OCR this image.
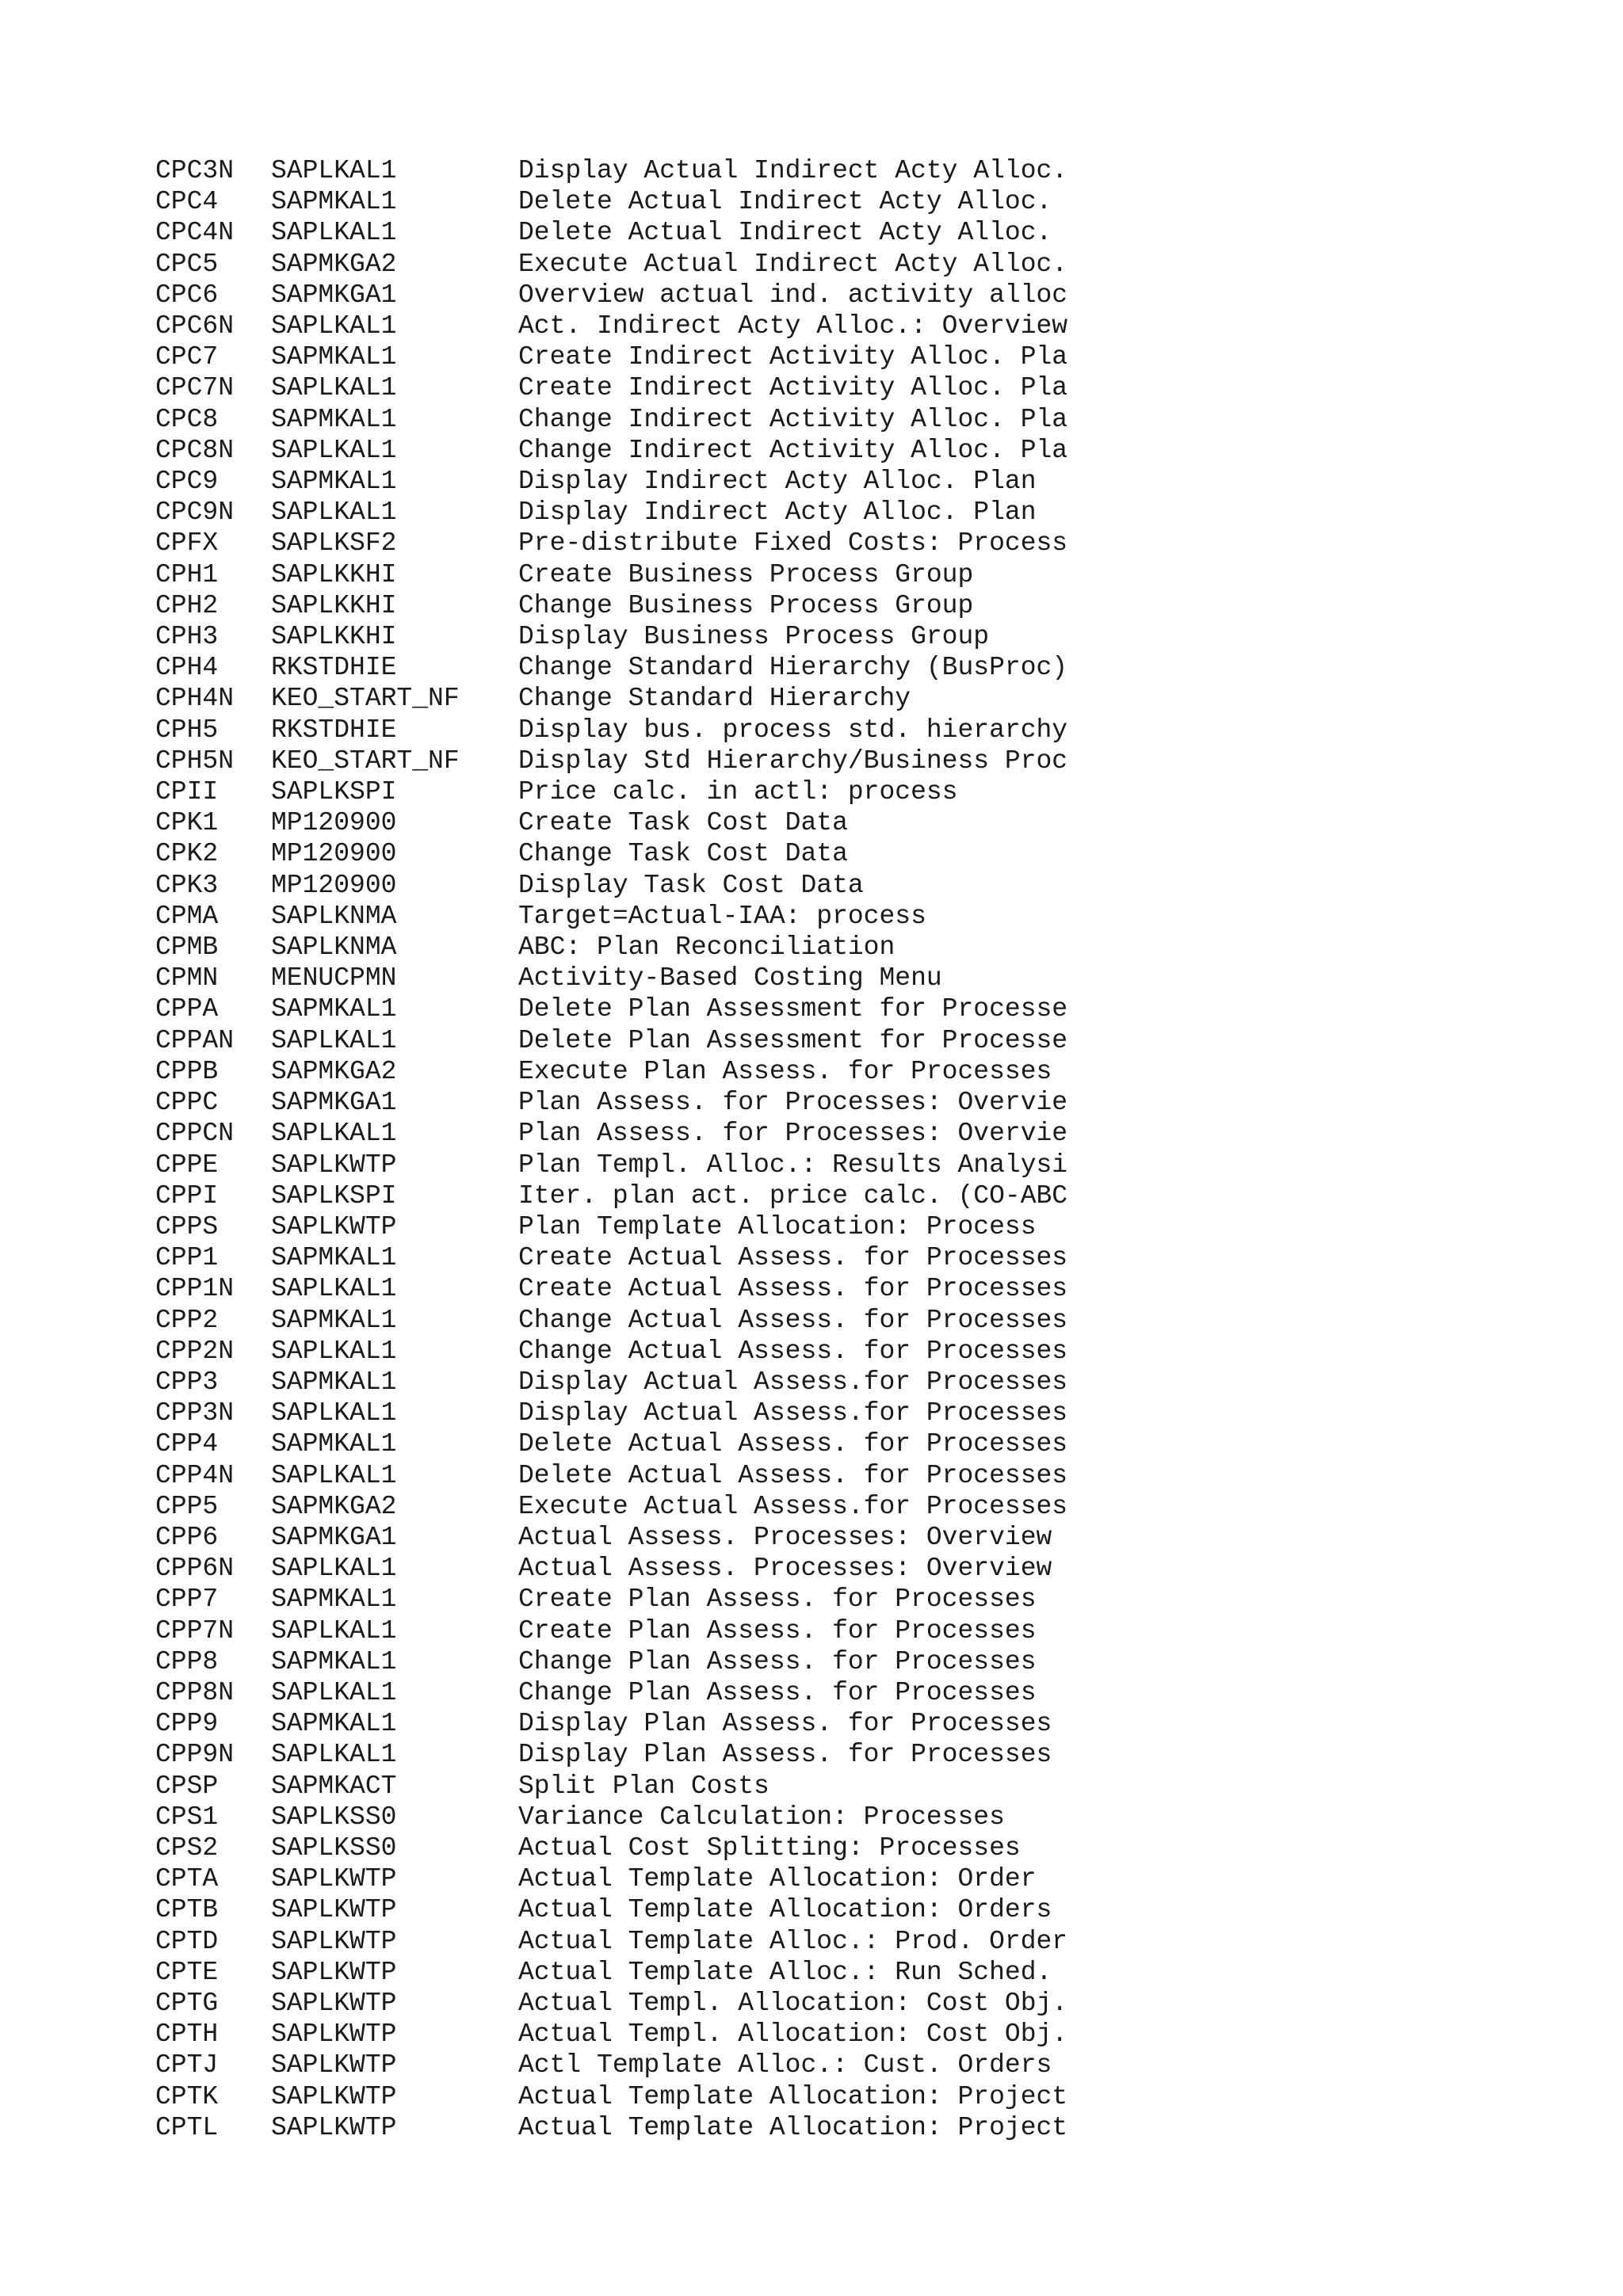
CPC3N	SAPLKAL1	Display Actual Indirect Acty Alloc.
CPC4	SAPMKAL1	Delete Actual Indirect Acty Alloc.
CPC4N	SAPLKAL1	Delete Actual Indirect Acty Alloc.
CPC5	SAPMKGA2	Execute Actual Indirect Acty Alloc.
CPC6	SAPMKGA1	Overview actual ind. activity alloc
CPC6N	SAPLKAL1	Act. Indirect Acty Alloc.: Overview
CPC7	SAPMKAL1	Create Indirect Activity Alloc. Pla
CPC7N	SAPLKAL1	Create Indirect Activity Alloc. Pla
CPC8	SAPMKAL1	Change Indirect Activity Alloc. Pla
CPC8N	SAPLKAL1	Change Indirect Activity Alloc. Pla
CPC9	SAPMKAL1	Display Indirect Acty Alloc. Plan
CPC9N	SAPLKAL1	Display Indirect Acty Alloc. Plan
CPFX	SAPLKSF2	Pre-distribute Fixed Costs: Process
CPH1	SAPLKKHI	Create Business Process Group
CPH2	SAPLKKHI	Change Business Process Group
CPH3	SAPLKKHI	Display Business Process Group
CPH4	RKSTDHIE	Change Standard Hierarchy (BusProc)
CPH4N	KEO_START_NF	Change Standard Hierarchy
CPH5	RKSTDHIE	Display bus. process std. hierarchy
CPH5N	KEO_START_NF	Display Std Hierarchy/Business Proc
CPII	SAPLKSPI	Price calc. in actl: process
CPK1	MP120900	Create Task Cost Data
CPK2	MP120900	Change Task Cost Data
CPK3	MP120900	Display Task Cost Data
CPMA	SAPLKNMA	Target=Actual-IAA: process
CPMB	SAPLKNMA	ABC: Plan Reconciliation
CPMN	MENUCPMN	Activity-Based Costing Menu
CPPA	SAPMKAL1	Delete Plan Assessment for Processe
CPPAN	SAPLKAL1	Delete Plan Assessment for Processe
CPPB	SAPMKGA2	Execute Plan Assess. for Processes
CPPC	SAPMKGA1	Plan Assess. for Processes: Overvie
CPPCN	SAPLKAL1	Plan Assess. for Processes: Overvie
CPPE	SAPLKWTP	Plan Templ. Alloc.: Results Analysi
CPPI	SAPLKSPI	Iter. plan act. price calc. (CO-ABC
CPPS	SAPLKWTP	Plan Template Allocation: Process
CPP1	SAPMKAL1	Create Actual Assess. for Processes
CPP1N	SAPLKAL1	Create Actual Assess. for Processes
CPP2	SAPMKAL1	Change Actual Assess. for Processes
CPP2N	SAPLKAL1	Change Actual Assess. for Processes
CPP3	SAPMKAL1	Display Actual Assess.for Processes
CPP3N	SAPLKAL1	Display Actual Assess.for Processes
CPP4	SAPMKAL1	Delete Actual Assess. for Processes
CPP4N	SAPLKAL1	Delete Actual Assess. for Processes
CPP5	SAPMKGA2	Execute Actual Assess.for Processes
CPP6	SAPMKGA1	Actual Assess. Processes: Overview
CPP6N	SAPLKAL1	Actual Assess. Processes: Overview
CPP7	SAPMKAL1	Create Plan Assess. for Processes
CPP7N	SAPLKAL1	Create Plan Assess. for Processes
CPP8	SAPMKAL1	Change Plan Assess. for Processes
CPP8N	SAPLKAL1	Change Plan Assess. for Processes
CPP9	SAPMKAL1	Display Plan Assess. for Processes
CPP9N	SAPLKAL1	Display Plan Assess. for Processes
CPSP	SAPMKACT	Split Plan Costs
CPS1	SAPLKSS0	Variance Calculation: Processes
CPS2	SAPLKSS0	Actual Cost Splitting: Processes
CPTA	SAPLKWTP	Actual Template Allocation: Order
CPTB	SAPLKWTP	Actual Template Allocation: Orders
CPTD	SAPLKWTP	Actual Template Alloc.: Prod. Order
CPTE	SAPLKWTP	Actual Template Alloc.: Run Sched.
CPTG	SAPLKWTP	Actual Templ. Allocation: Cost Obj.
CPTH	SAPLKWTP	Actual Templ. Allocation: Cost Obj.
CPTJ	SAPLKWTP	Actl Template Alloc.: Cust. Orders
CPTK	SAPLKWTP	Actual Template Allocation: Project
CPTL	SAPLKWTP	Actual Template Allocation: Project
